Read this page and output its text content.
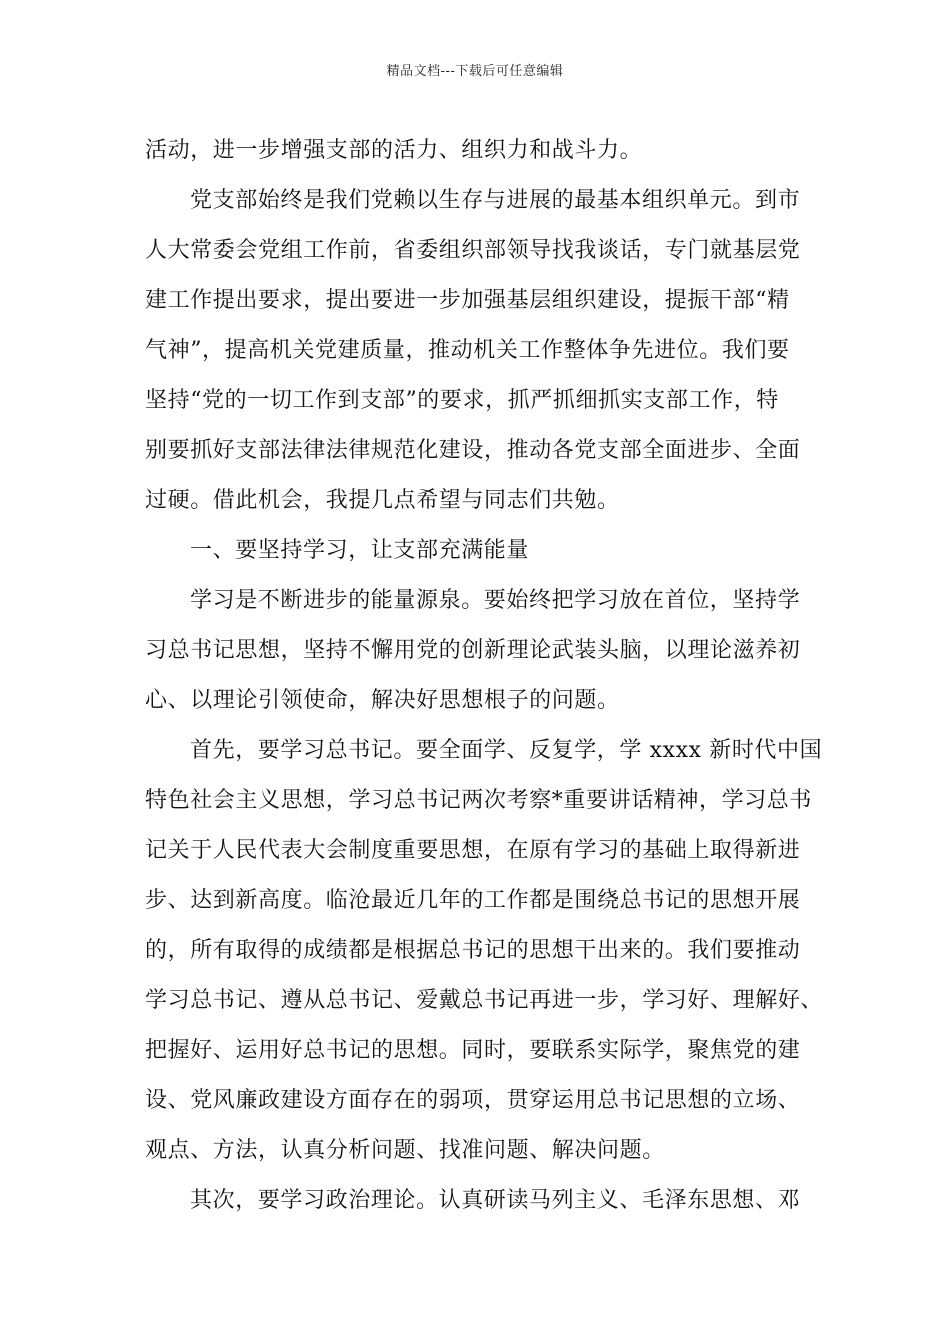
精品文档---下载后可任意编辑
活动，进一步增强支部的活力、组织力和战斗力。
党支部始终是我们党赖以生存与进展的最基本组织单元。到市
人大常委会党组工作前，省委组织部领导找我谈话，专门就基层党
建工作提出要求，提出要进一步加强基层组织建设，提振干部“精
气神”，提高机关党建质量，推动机关工作整体争先进位。我们要
坚持“党的一切工作到支部”的要求，抓严抓细抓实支部工作，特
别要抓好支部法律法律规范化建设，推动各党支部全面进步、全面
过硬。借此机会，我提几点希望与同志们共勉。
一、要坚持学习，让支部充满能量
学习是不断进步的能量源泉。要始终把学习放在首位，坚持学
习总书记思想，坚持不懈用党的创新理论武装头脑，以理论滋养初
心、以理论引领使命，解决好思想根子的问题。
首先，要学习总书记。要全面学、反复学，学 xxxx 新时代中国
特色社会主义思想，学习总书记两次考察*重要讲话精神，学习总书
记关于人民代表大会制度重要思想，在原有学习的基础上取得新进
步、达到新高度。临沧最近几年的工作都是围绕总书记的思想开展
的，所有取得的成绩都是根据总书记的思想干出来的。我们要推动
学习总书记、遵从总书记、爱戴总书记再进一步，学习好、理解好、
把握好、运用好总书记的思想。同时，要联系实际学，聚焦党的建
设、党风廉政建设方面存在的弱项，贯穿运用总书记思想的立场、
观点、方法，认真分析问题、找准问题、解决问题。
其次，要学习政治理论。认真研读马列主义、毛泽东思想、邓
